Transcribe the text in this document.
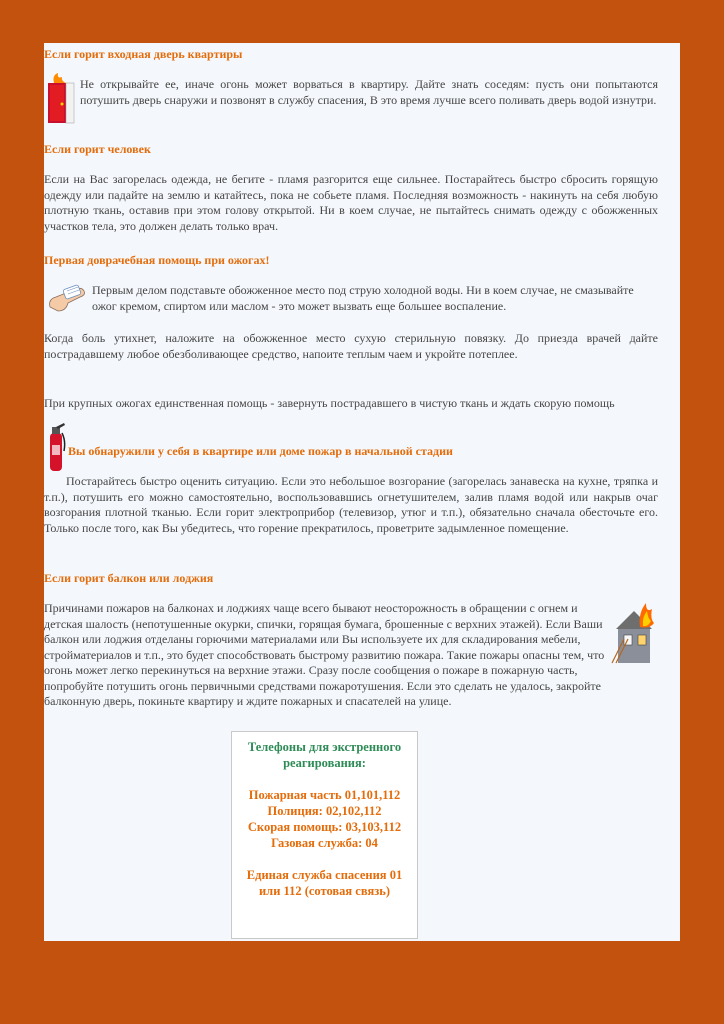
Если горит входная дверь квартиры

Не открывайте ее, иначе огонь может ворваться в квартиру. Дайте знать соседям: пусть они попытаются потушить дверь снаружи и позвонят в службу спасения, В это время лучше всего поливать дверь водой изнутри.

Если горит человек

Если на Вас загорелась одежда, не бегите - пламя разгорится еще сильнее. Постарайтесь быстро сбросить горящую одежду или падайте на землю и катайтесь, пока не собьете пламя. Последняя возможность - накинуть на себя любую плотную ткань, оставив при этом голову открытой. Ни в коем случае, не пытайтесь снимать одежду с обожженных участков тела, это должен делать только врач.

Первая доврачебная помощь при ожогах!

Первым делом подставьте обожженное место под струю холодной воды. Ни в коем случае, не смазывайте ожог кремом, спиртом или маслом - это может вызвать еще большее воспаление.

Когда боль утихнет, наложите на обожженное место сухую стерильную повязку. До приезда врачей дайте пострадавшему любое обезболивающее средство, напоите теплым чаем и укройте потеплее.

При крупных ожогах единственная помощь - завернуть пострадавшего в чистую ткань и ждать скорую помощь

Вы обнаружили у себя в квартире или доме пожар в начальной стадии

Постарайтесь быстро оценить ситуацию. Если это небольшое возгорание (загорелась занавеска на кухне, тряпка и т.п.), потушить его можно самостоятельно, воспользовавшись огнетушителем, залив пламя водой или накрыв очаг возгорания плотной тканью. Если горит электроприбор (телевизор, утюг и т.п.), обязательно сначала обесточьте его. Только после того, как Вы убедитесь, что горение прекратилось, проветрите задымленное помещение.

Если горит балкон или лоджия

Причинами пожаров на балконах и лоджиях чаще всего бывают неосторожность в обращении с огнем и детская шалость (непотушенные окурки, спички, горящая бумага, брошенные с верхних этажей). Если Ваши балкон или лоджия отделаны горючими материалами или Вы используете их для складирования мебели, стройматериалов и т.п., это будет способствовать быстрому развитию пожара. Такие пожары опасны тем, что огонь может легко перекинуться на верхние этажи. Сразу после сообщения о пожаре в пожарную часть, попробуйте потушить огонь первичными средствами пожаротушения. Если это сделать не удалось, закройте балконную дверь, покиньте квартиру и ждите пожарных и спасателей на улице.

Телефоны для экстренного реагирования:
Пожарная часть 01,101,112
Полиция: 02,102,112
Скорая помощь: 03,103,112
Газовая служба: 04
Единая служба спасения 01 или 112 (сотовая связь)
